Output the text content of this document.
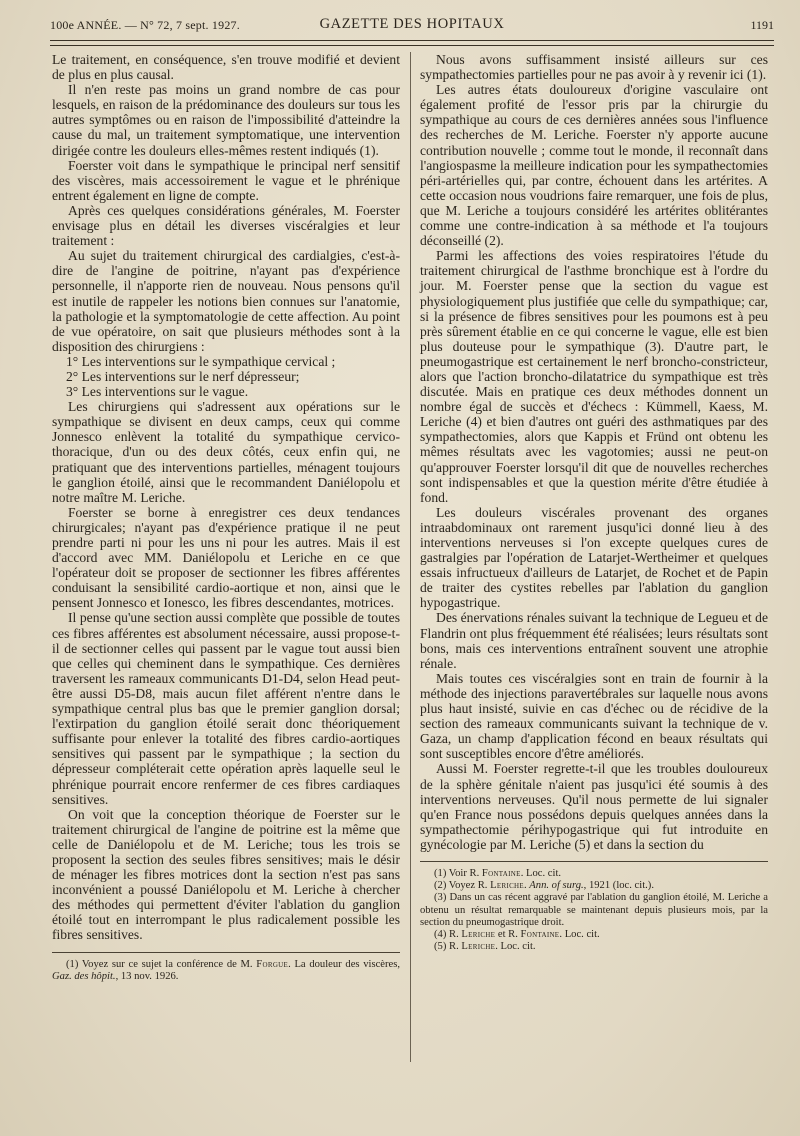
100e ANNÉE. — N° 72, 7 sept. 1927.	GAZETTE DES HOPITAUX	1191

Le traitement, en conséquence, s'en trouve modifié et devient de plus en plus causal.

Il n'en reste pas moins un grand nombre de cas pour lesquels, en raison de la prédominance des douleurs sur tous les autres symptômes ou en raison de l'impossibilité d'atteindre la cause du mal, un traitement symptomatique, une intervention dirigée contre les douleurs elles-mêmes restent indiqués (1).

Foerster voit dans le sympathique le principal nerf sensitif des viscères, mais accessoirement le vague et le phrénique entrent également en ligne de compte.

Après ces quelques considérations générales, M. Foerster envisage plus en détail les diverses viscéralgies et leur traitement :

Au sujet du traitement chirurgical des cardialgies, c'est-à-dire de l'angine de poitrine, n'ayant pas d'expérience personnelle, il n'apporte rien de nouveau. Nous pensons qu'il est inutile de rappeler les notions bien connues sur l'anatomie, la pathologie et la symptomatologie de cette affection. Au point de vue opératoire, on sait que plusieurs méthodes sont à la disposition des chirurgiens :

1° Les interventions sur le sympathique cervical ;

2° Les interventions sur le nerf dépresseur;

3° Les interventions sur le vague.

Les chirurgiens qui s'adressent aux opérations sur le sympathique se divisent en deux camps, ceux qui comme Jonnesco enlèvent la totalité du sympathique cervico-thoracique, d'un ou des deux côtés, ceux enfin qui, ne pratiquant que des interventions partielles, ménagent toujours le ganglion étoilé, ainsi que le recommandent Daniélopolu et notre maître M. Leriche.

Foerster se borne à enregistrer ces deux tendances chirurgicales; n'ayant pas d'expérience pratique il ne peut prendre parti ni pour les uns ni pour les autres. Mais il est d'accord avec MM. Daniélopolu et Leriche en ce que l'opérateur doit se proposer de sectionner les fibres afférentes conduisant la sensibilité cardio-aortique et non, ainsi que le pensent Jonnesco et Ionesco, les fibres descendantes, motrices.

Il pense qu'une section aussi complète que possible de toutes ces fibres afférentes est absolument nécessaire, aussi propose-t-il de sectionner celles qui passent par le vague tout aussi bien que celles qui cheminent dans le sympathique. Ces dernières traversent les rameaux communicants D1-D4, selon Head peut-être aussi D5-D8, mais aucun filet afférent n'entre dans le sympathique central plus bas que le premier ganglion dorsal; l'extirpation du ganglion étoilé serait donc théoriquement suffisante pour enlever la totalité des fibres cardio-aortiques sensitives qui passent par le sympathique ; la section du dépresseur compléterait cette opération après laquelle seul le phrénique pourrait encore renfermer de ces fibres cardiaques sensitives.

On voit que la conception théorique de Foerster sur le traitement chirurgical de l'angine de poitrine est la même que celle de Daniélopolu et de M. Leriche; tous les trois se proposent la section des seules fibres sensitives; mais le désir de ménager les fibres motrices dont la section n'est pas sans inconvénient a poussé Daniélopolu et M. Leriche à chercher des méthodes qui permettent d'éviter l'ablation du ganglion étoilé tout en interrompant le plus radicalement possible les fibres sensitives.

(1) Voyez sur ce sujet la conférence de M. Forgue. La douleur des viscères, Gaz. des hôpit., 13 nov. 1926.

Nous avons suffisamment insisté ailleurs sur ces sympathectomies partielles pour ne pas avoir à y revenir ici (1).

Les autres états douloureux d'origine vasculaire ont également profité de l'essor pris par la chirurgie du sympathique au cours de ces dernières années sous l'influence des recherches de M. Leriche. Foerster n'y apporte aucune contribution nouvelle ; comme tout le monde, il reconnaît dans l'angiospasme la meilleure indication pour les sympathectomies péri-artérielles qui, par contre, échouent dans les artérites. A cette occasion nous voudrions faire remarquer, une fois de plus, que M. Leriche a toujours considéré les artérites oblitérantes comme une contre-indication à sa méthode et l'a toujours déconseillé (2).

Parmi les affections des voies respiratoires l'étude du traitement chirurgical de l'asthme bronchique est à l'ordre du jour. M. Foerster pense que la section du vague est physiologiquement plus justifiée que celle du sympathique; car, si la présence de fibres sensitives pour les poumons est à peu près sûrement établie en ce qui concerne le vague, elle est bien plus douteuse pour le sympathique (3). D'autre part, le pneumogastrique est certainement le nerf broncho-constricteur, alors que l'action broncho-dilatatrice du sympathique est très discutée. Mais en pratique ces deux méthodes donnent un nombre égal de succès et d'échecs : Kümmell, Kaess, M. Leriche (4) et bien d'autres ont guéri des asthmatiques par des sympathectomies, alors que Kappis et Fründ ont obtenu les mêmes résultats avec les vagotomies; aussi ne peut-on qu'approuver Foerster lorsqu'il dit que de nouvelles recherches sont indispensables et que la question mérite d'être étudiée à fond.

Les douleurs viscérales provenant des organes intraabdominaux ont rarement jusqu'ici donné lieu à des interventions nerveuses si l'on excepte quelques cures de gastralgies par l'opération de Latarjet-Wertheimer et quelques essais infructueux d'ailleurs de Latarjet, de Rochet et de Papin de traiter des cystites rebelles par l'ablation du ganglion hypogastrique.

Des énervations rénales suivant la technique de Legueu et de Flandrin ont plus fréquemment été réalisées; leurs résultats sont bons, mais ces interventions entraînent souvent une atrophie rénale.

Mais toutes ces viscéralgies sont en train de fournir à la méthode des injections paravertébrales sur laquelle nous avons plus haut insisté, suivie en cas d'échec ou de récidive de la section des rameaux communicants suivant la technique de v. Gaza, un champ d'application fécond en beaux résultats qui sont susceptibles encore d'être améliorés.

Aussi M. Foerster regrette-t-il que les troubles douloureux de la sphère génitale n'aient pas jusqu'ici été soumis à des interventions nerveuses. Qu'il nous permette de lui signaler qu'en France nous possédons depuis quelques années dans la sympathectomie périhypogastrique qui fut introduite en gynécologie par M. Leriche (5) et dans la section du

(1) Voir R. Fontaine. Loc. cit.
(2) Voyez R. Leriche. Ann. of surg., 1921 (loc. cit.).
(3) Dans un cas récent aggravé par l'ablation du ganglion étoilé, M. Leriche a obtenu un résultat remarquable se maintenant depuis plusieurs mois, par la section du pneumogastrique droit.
(4) R. Leriche et R. Fontaine. Loc. cit.
(5) R. Leriche. Loc. cit.
